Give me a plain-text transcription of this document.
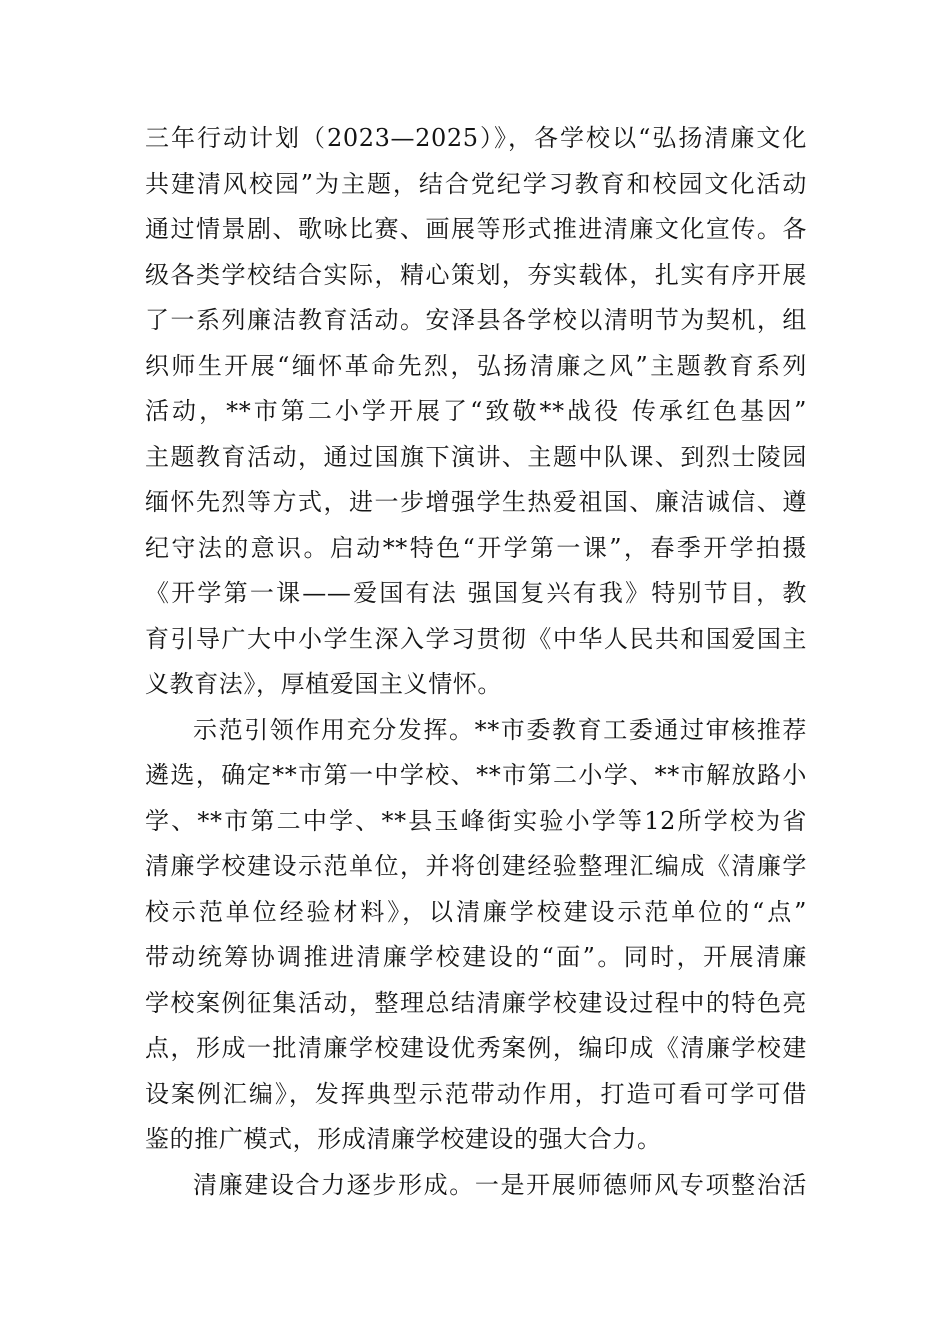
三年行动计划（2023—2025）》，各学校以“弘扬清廉文化
共建清风校园”为主题，结合党纪学习教育和校园文化活动
通过情景剧、歌咏比赛、画展等形式推进清廉文化宣传。各
级各类学校结合实际，精心策划，夯实载体，扎实有序开展
了一系列廉洁教育活动。安泽县各学校以清明节为契机，组
织师生开展“缅怀革命先烈，弘扬清廉之风”主题教育系列
活动，**市第二小学开展了“致敬**战役 传承红色基因”
主题教育活动，通过国旗下演讲、主题中队课、到烈士陵园
缅怀先烈等方式，进一步增强学生热爱祖国、廉洁诚信、遵
纪守法的意识。启动**特色“开学第一课”，春季开学拍摄
《开学第一课——爱国有法 强国复兴有我》特别节目，教
育引导广大中小学生深入学习贯彻《中华人民共和国爱国主
义教育法》，厚植爱国主义情怀。
示范引领作用充分发挥。**市委教育工委通过审核推荐
遴选，确定**市第一中学校、**市第二小学、**市解放路小
学、**市第二中学、**县玉峰街实验小学等12所学校为省
清廉学校建设示范单位，并将创建经验整理汇编成《清廉学
校示范单位经验材料》，以清廉学校建设示范单位的“点”
带动统筹协调推进清廉学校建设的“面”。同时，开展清廉
学校案例征集活动，整理总结清廉学校建设过程中的特色亮
点，形成一批清廉学校建设优秀案例，编印成《清廉学校建
设案例汇编》，发挥典型示范带动作用，打造可看可学可借
鉴的推广模式，形成清廉学校建设的强大合力。
清廉建设合力逐步形成。一是开展师德师风专项整治活
